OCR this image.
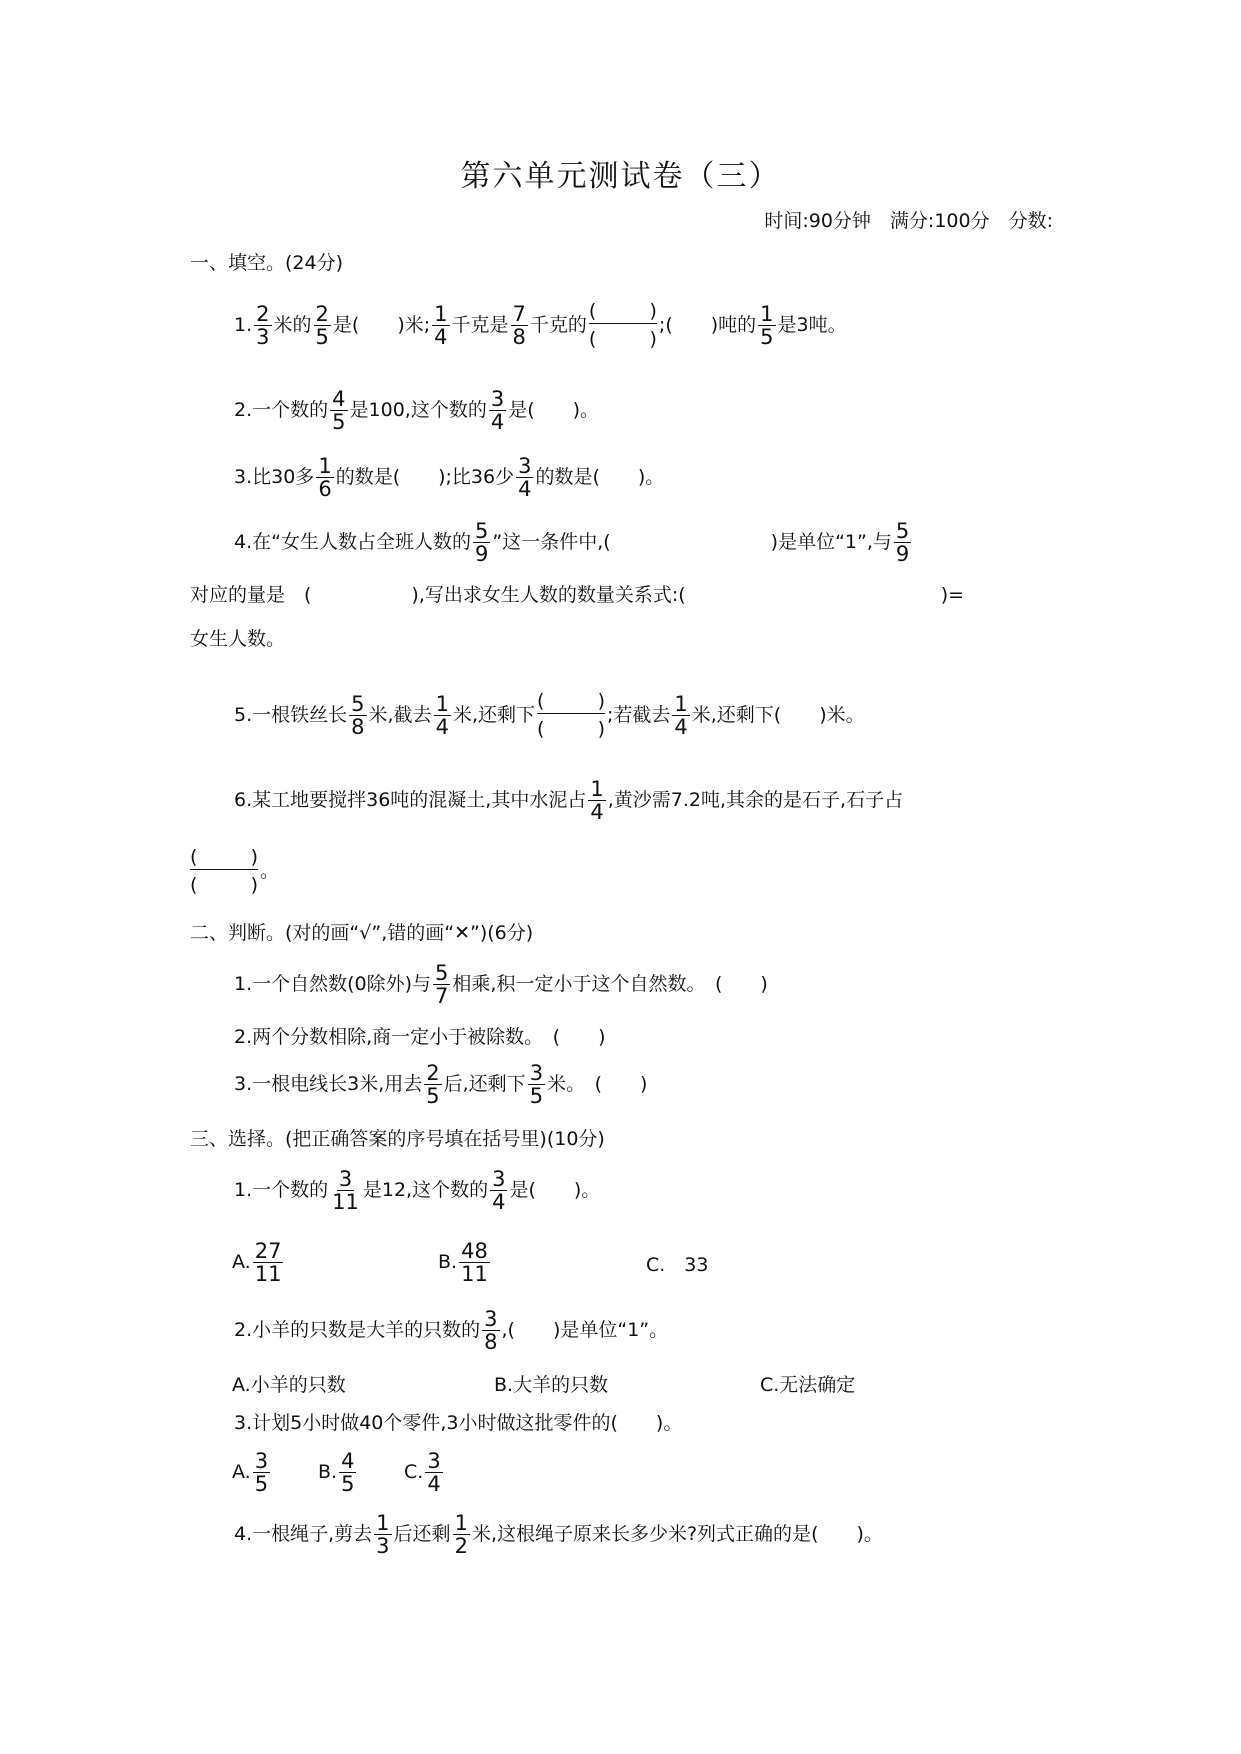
第六单元测试卷（三）
时间:90分钟　满分:100分　分数:
一、填空。(24分)
1. $\frac{2}{3}$ 米的 $\frac{2}{5}$ 是(　　)米; $\frac{1}{4}$ 千克是 $\frac{7}{8}$ 千克的
(	)
(	)
;(　　)吨的 $\frac{1}{5}$ 是3吨。
2.一个数的 $\frac{4}{5}$ 是100,这个数的 $\frac{3}{4}$ 是(　　)。
3.比30多 $\frac{1}{6}$ 的数是(　　);比36少 $\frac{3}{4}$ 的数是(　　)。
4.在“女生人数占全班人数的 $\frac{5}{9}$ ”这一条件中,(	)是单位“1”,与 $\frac{5}{9}$
对应的量是　(	),写出求女生人数的数量关系式:(	)=
女生人数。
5.一根铁丝长 $\frac{5}{8}$ 米,截去 $\frac{1}{4}$ 米,还剩下
(	)
(	)
;若截去 $\frac{1}{4}$ 米,还剩下(　　)米。
6.某工地要搅拌36吨的混凝土,其中水泥占 $\frac{1}{4}$ ,黄沙需7.2吨,其余的是石子,石子占
(	)
(	)
。
二、判断。(对的画“√”,错的画“✕”)(6分)
1.一个自然数(0除外)与 $\frac{5}{7}$ 相乘,积一定小于这个自然数。　(　　)
2.两个分数相除,商一定小于被除数。　(　　)
3.一根电线长3米,用去 $\frac{2}{5}$ 后,还剩下 $\frac{3}{5}$ 米。　(　　)
三、选择。(把正确答案的序号填在括号里)(10分)
1.一个数的 $\frac{3}{11}$ 是12,这个数的 $\frac{3}{4}$ 是(　　)。
A. $\frac{27}{11}$	B. $\frac{48}{11}$	C.　33
2.小羊的只数是大羊的只数的 $\frac{3}{8}$ ,(　　)是单位“1”。
A.小羊的只数	B.大羊的只数	C.无法确定
3.计划5小时做40个零件,3小时做这批零件的(　　)。
A. $\frac{3}{5}$	B. $\frac{4}{5}$	C. $\frac{3}{4}$
4.一根绳子,剪去 $\frac{1}{3}$ 后还剩 $\frac{1}{2}$ 米,这根绳子原来长多少米?列式正确的是(　　)。
